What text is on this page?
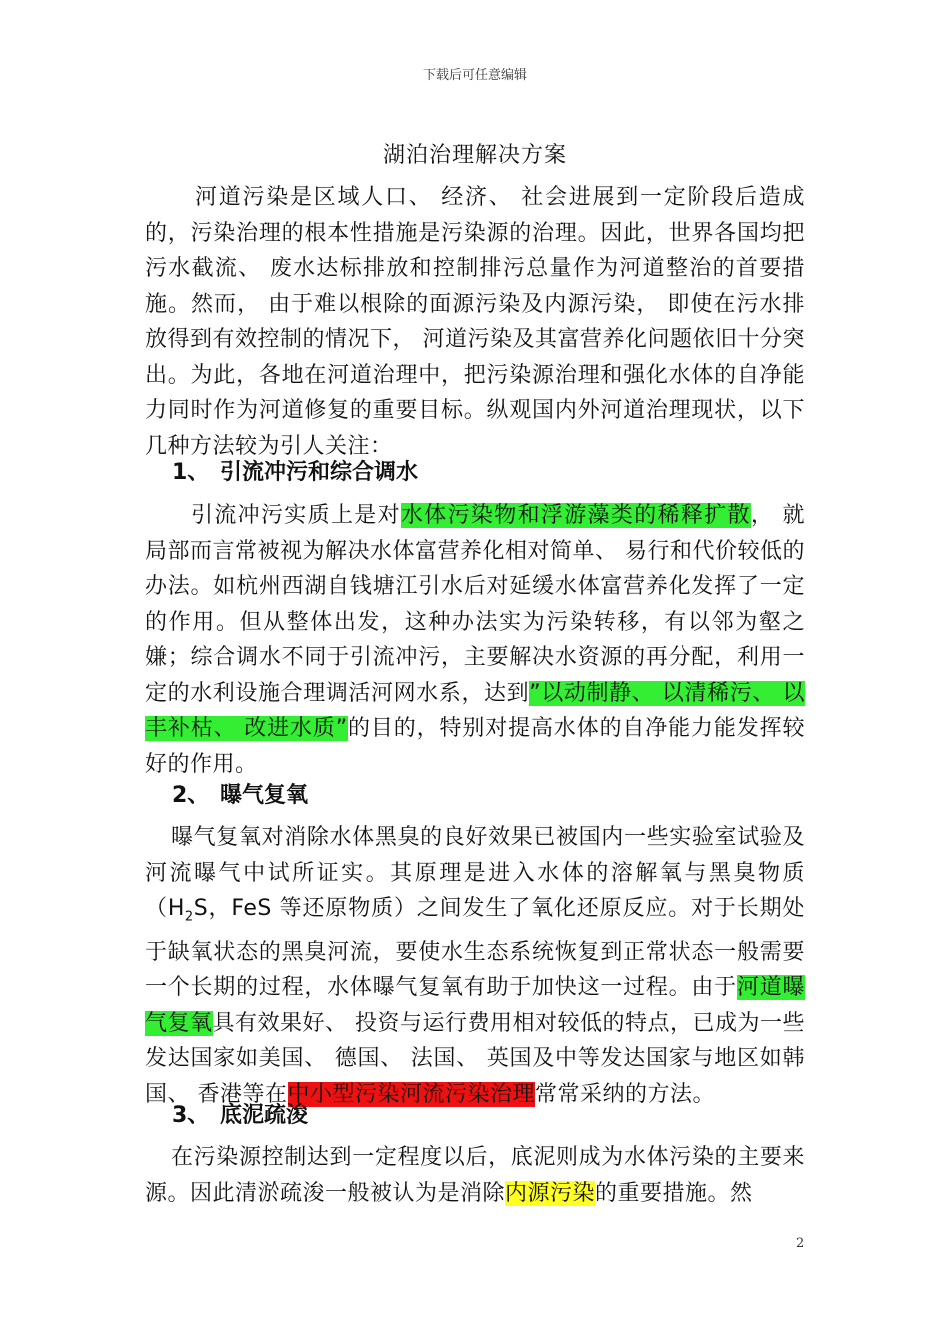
下载后可任意编辑
湖泊治理解决方案

河道污染是区域人口、 经济、 社会进展到一定阶段后造成的，污染治理的根本性措施是污染源的治理。因此，世界各国均把污水截流、 废水达标排放和控制排污总量作为河道整治的首要措施。然而， 由于难以根除的面源污染及内源污染， 即使在污水排放得到有效控制的情况下， 河道污染及其富营养化问题依旧十分突出。为此，各地在河道治理中，把污染源治理和强化水体的自净能力同时作为河道修复的重要目标。纵观国内外河道治理现状，以下几种方法较为引人关注：

1、 引流冲污和综合调水

引流冲污实质上是对水体污染物和浮游藻类的稀释扩散， 就局部而言常被视为解决水体富营养化相对简单、 易行和代价较低的办法。如杭州西湖自钱塘江引水后对延缓水体富营养化发挥了一定的作用。但从整体出发，这种办法实为污染转移，有以邻为壑之嫌；综合调水不同于引流冲污，主要解决水资源的再分配，利用一定的水利设施合理调活河网水系，达到”以动制静、 以清稀污、 以丰补枯、 改进水质”的目的，特别对提高水体的自净能力能发挥较好的作用。

2、 曝气复氧

曝气复氧对消除水体黑臭的良好效果已被国内一些实验室试验及河流曝气中试所证实。其原理是进入水体的溶解氧与黑臭物质（$H_2S$，FeS 等还原物质）之间发生了氧化还原反应。对于长期处于缺氧状态的黑臭河流，要使水生态系统恢复到正常状态一般需要一个长期的过程，水体曝气复氧有助于加快这一过程。由于河道曝气复氧具有效果好、 投资与运行费用相对较低的特点，已成为一些发达国家如美国、 德国、 法国、 英国及中等发达国家与地区如韩国、 香港等在中小型污染河流污染治理常常采纳的方法。

3、 底泥疏浚

在污染源控制达到一定程度以后，底泥则成为水体污染的主要来源。因此清淤疏浚一般被认为是消除内源污染的重要措施。然

2
